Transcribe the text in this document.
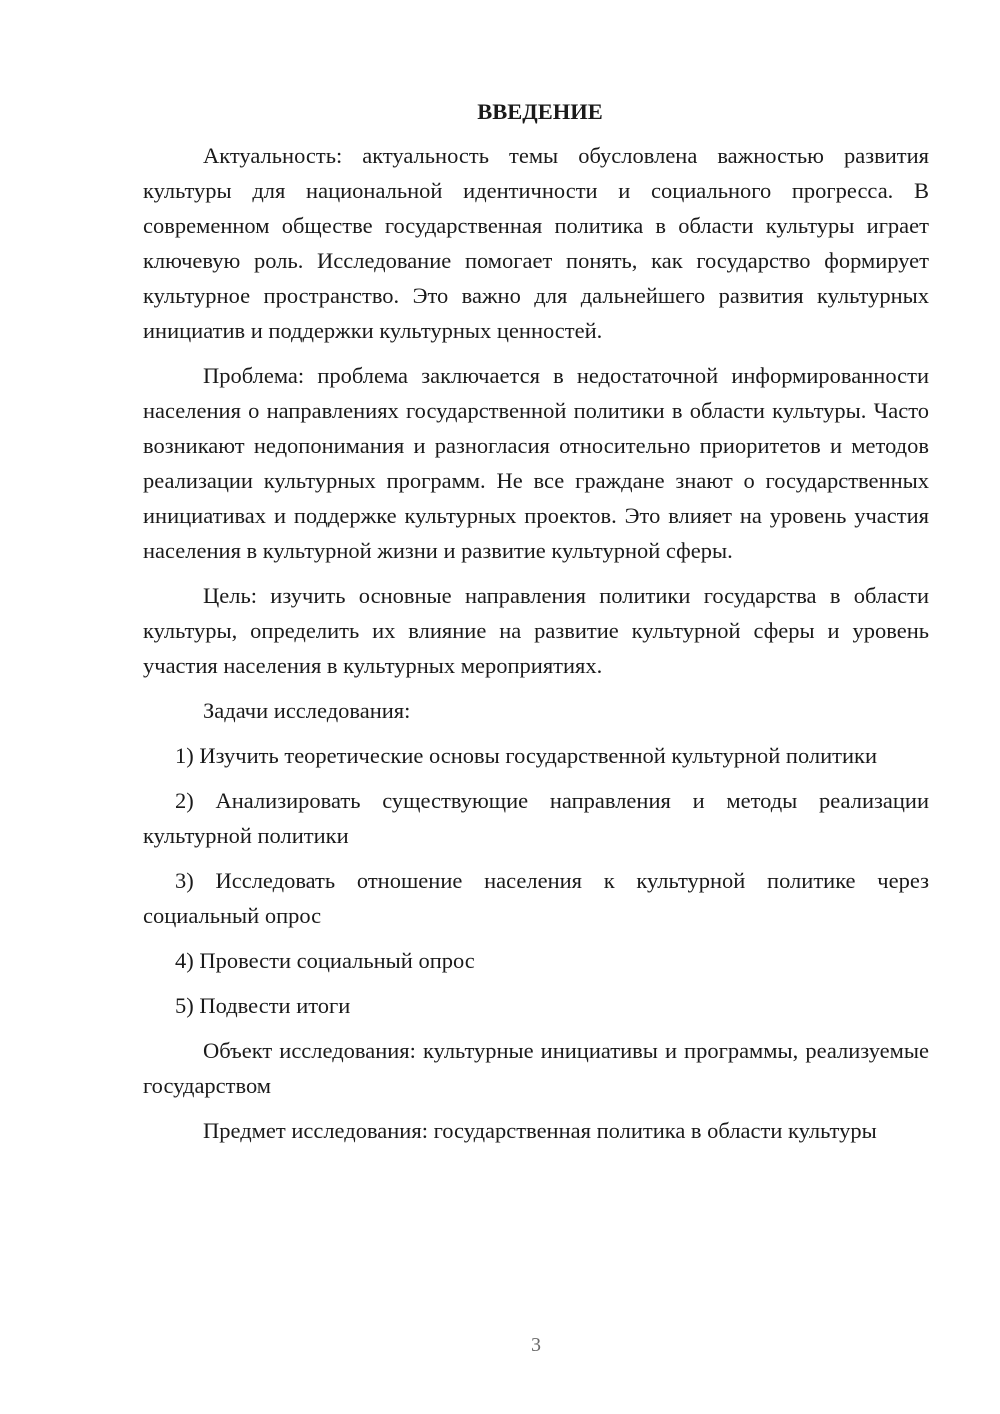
ВВЕДЕНИЕ

Актуальность: актуальность темы обусловлена важностью развития культуры для национальной идентичности и социального прогресса. В современном обществе государственная политика в области культуры играет ключевую роль. Исследование помогает понять, как государство формирует культурное пространство. Это важно для дальнейшего развития культурных инициатив и поддержки культурных ценностей.

Проблема: проблема заключается в недостаточной информированности населения о направлениях государственной политики в области культуры. Часто возникают недопонимания и разногласия относительно приоритетов и методов реализации культурных программ. Не все граждане знают о государственных инициативах и поддержке культурных проектов. Это влияет на уровень участия населения в культурной жизни и развитие культурной сферы.

Цель: изучить основные направления политики государства в области культуры, определить их влияние на развитие культурной сферы и уровень участия населения в культурных мероприятиях.

Задачи исследования:

1) Изучить теоретические основы государственной культурной политики

2) Анализировать существующие направления и методы реализации культурной политики

3) Исследовать отношение населения к культурной политике через социальный опрос

4) Провести социальный опрос

5) Подвести итоги

Объект исследования: культурные инициативы и программы, реализуемые государством

Предмет исследования: государственная политика в области культуры

3
